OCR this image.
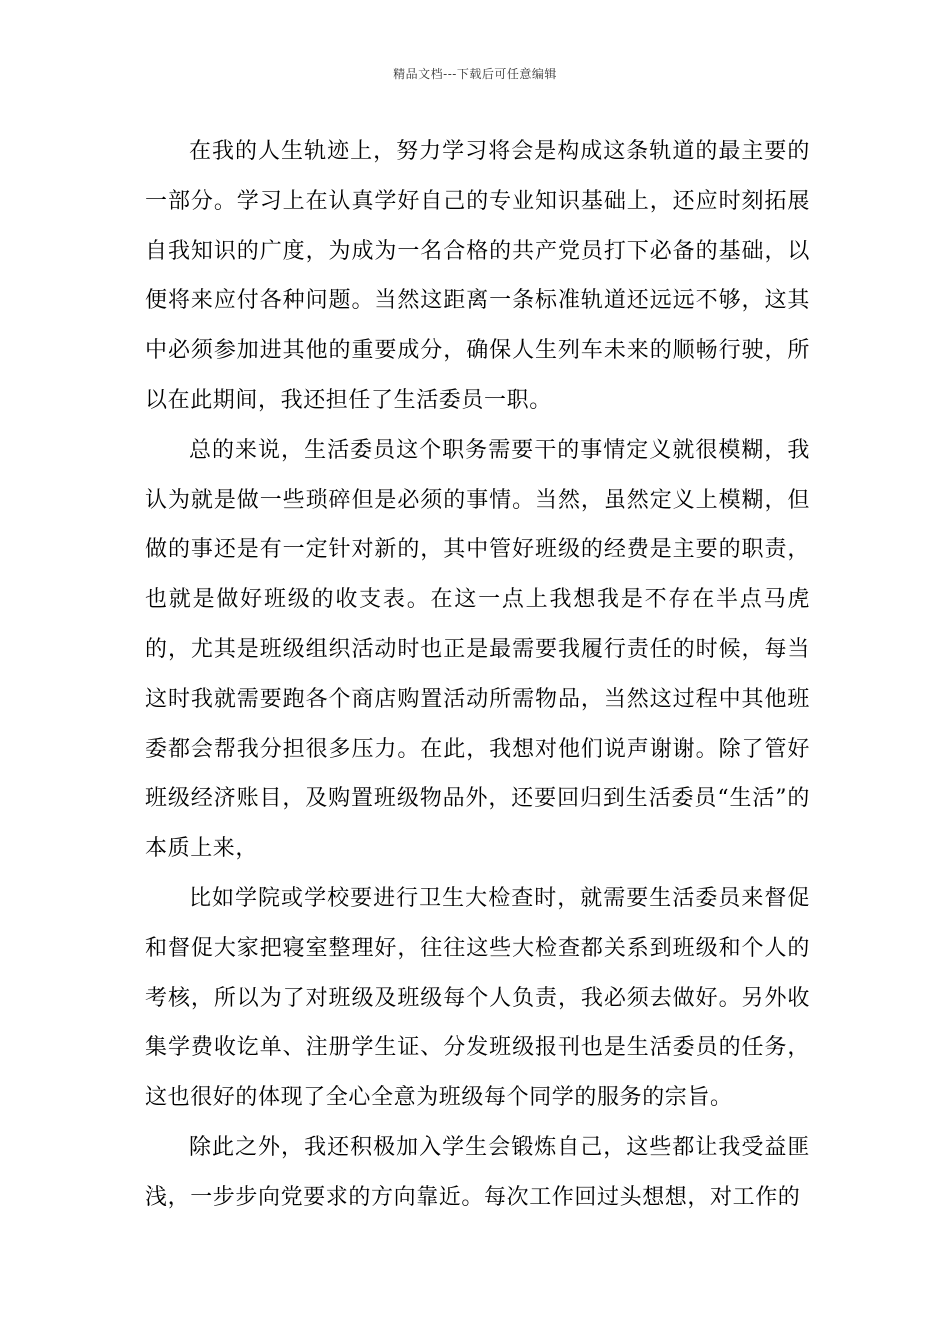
精品文档---下载后可任意编辑

在我的人生轨迹上，努力学习将会是构成这条轨道的最主要的一部分。学习上在认真学好自己的专业知识基础上，还应时刻拓展自我知识的广度，为成为一名合格的共产党员打下必备的基础，以便将来应付各种问题。当然这距离一条标准轨道还远远不够，这其中必须参加进其他的重要成分，确保人生列车未来的顺畅行驶，所以在此期间，我还担任了生活委员一职。

总的来说，生活委员这个职务需要干的事情定义就很模糊，我认为就是做一些琐碎但是必须的事情。当然，虽然定义上模糊，但做的事还是有一定针对新的，其中管好班级的经费是主要的职责，也就是做好班级的收支表。在这一点上我想我是不存在半点马虎的，尤其是班级组织活动时也正是最需要我履行责任的时候，每当这时我就需要跑各个商店购置活动所需物品，当然这过程中其他班委都会帮我分担很多压力。在此，我想对他们说声谢谢。除了管好班级经济账目，及购置班级物品外，还要回归到生活委员“生活”的本质上来，

比如学院或学校要进行卫生大检查时，就需要生活委员来督促和督促大家把寝室整理好，往往这些大检查都关系到班级和个人的考核，所以为了对班级及班级每个人负责，我必须去做好。另外收集学费收讫单、注册学生证、分发班级报刊也是生活委员的任务，这也很好的体现了全心全意为班级每个同学的服务的宗旨。

除此之外，我还积极加入学生会锻炼自己，这些都让我受益匪浅，一步步向党要求的方向靠近。每次工作回过头想想，对工作的
